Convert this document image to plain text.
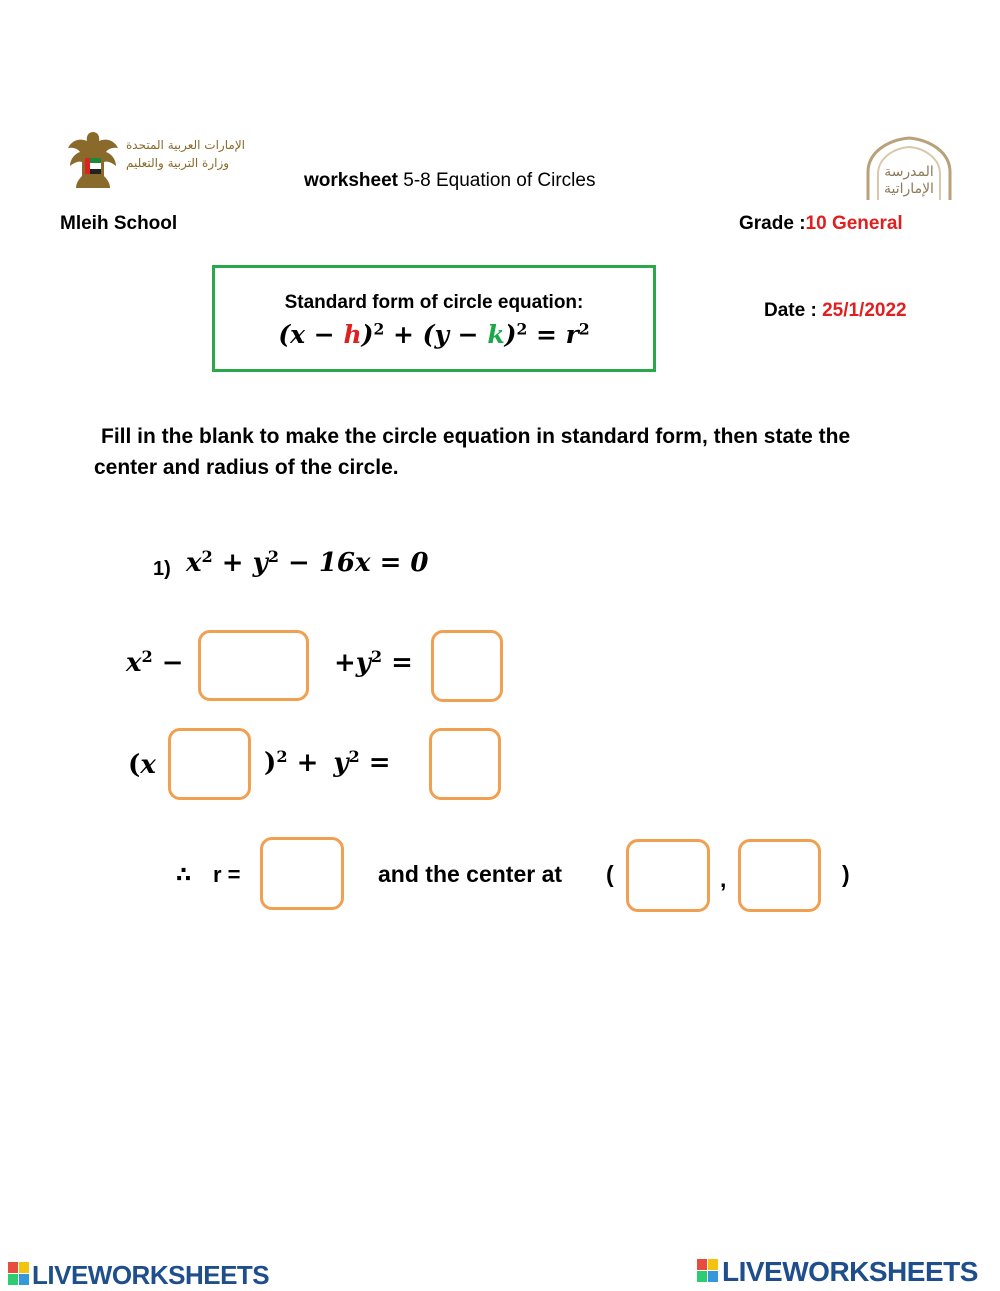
الإمارات العربية المتحدة
وزارة التربية والتعليم
worksheet 5-8 Equation of Circles	المدرسة
الإماراتية
Mleih School	Grade :10 General
Standard form of circle equation:
$(x - h)^2 + (y - k)^2 = r^2$
Date : 25/1/2022
Fill in the blank to make the circle equation in standard form, then state the
center and radius of the circle.
1) $x^2 + y^2 - 16x = 0$
$x^2$ −	$+y^2$ =
(x	)$^2 + y^2$ =
∴ r =	and the center at (	,	)
LIVEWORKSHEETS	LIVEWORKSHEETS
